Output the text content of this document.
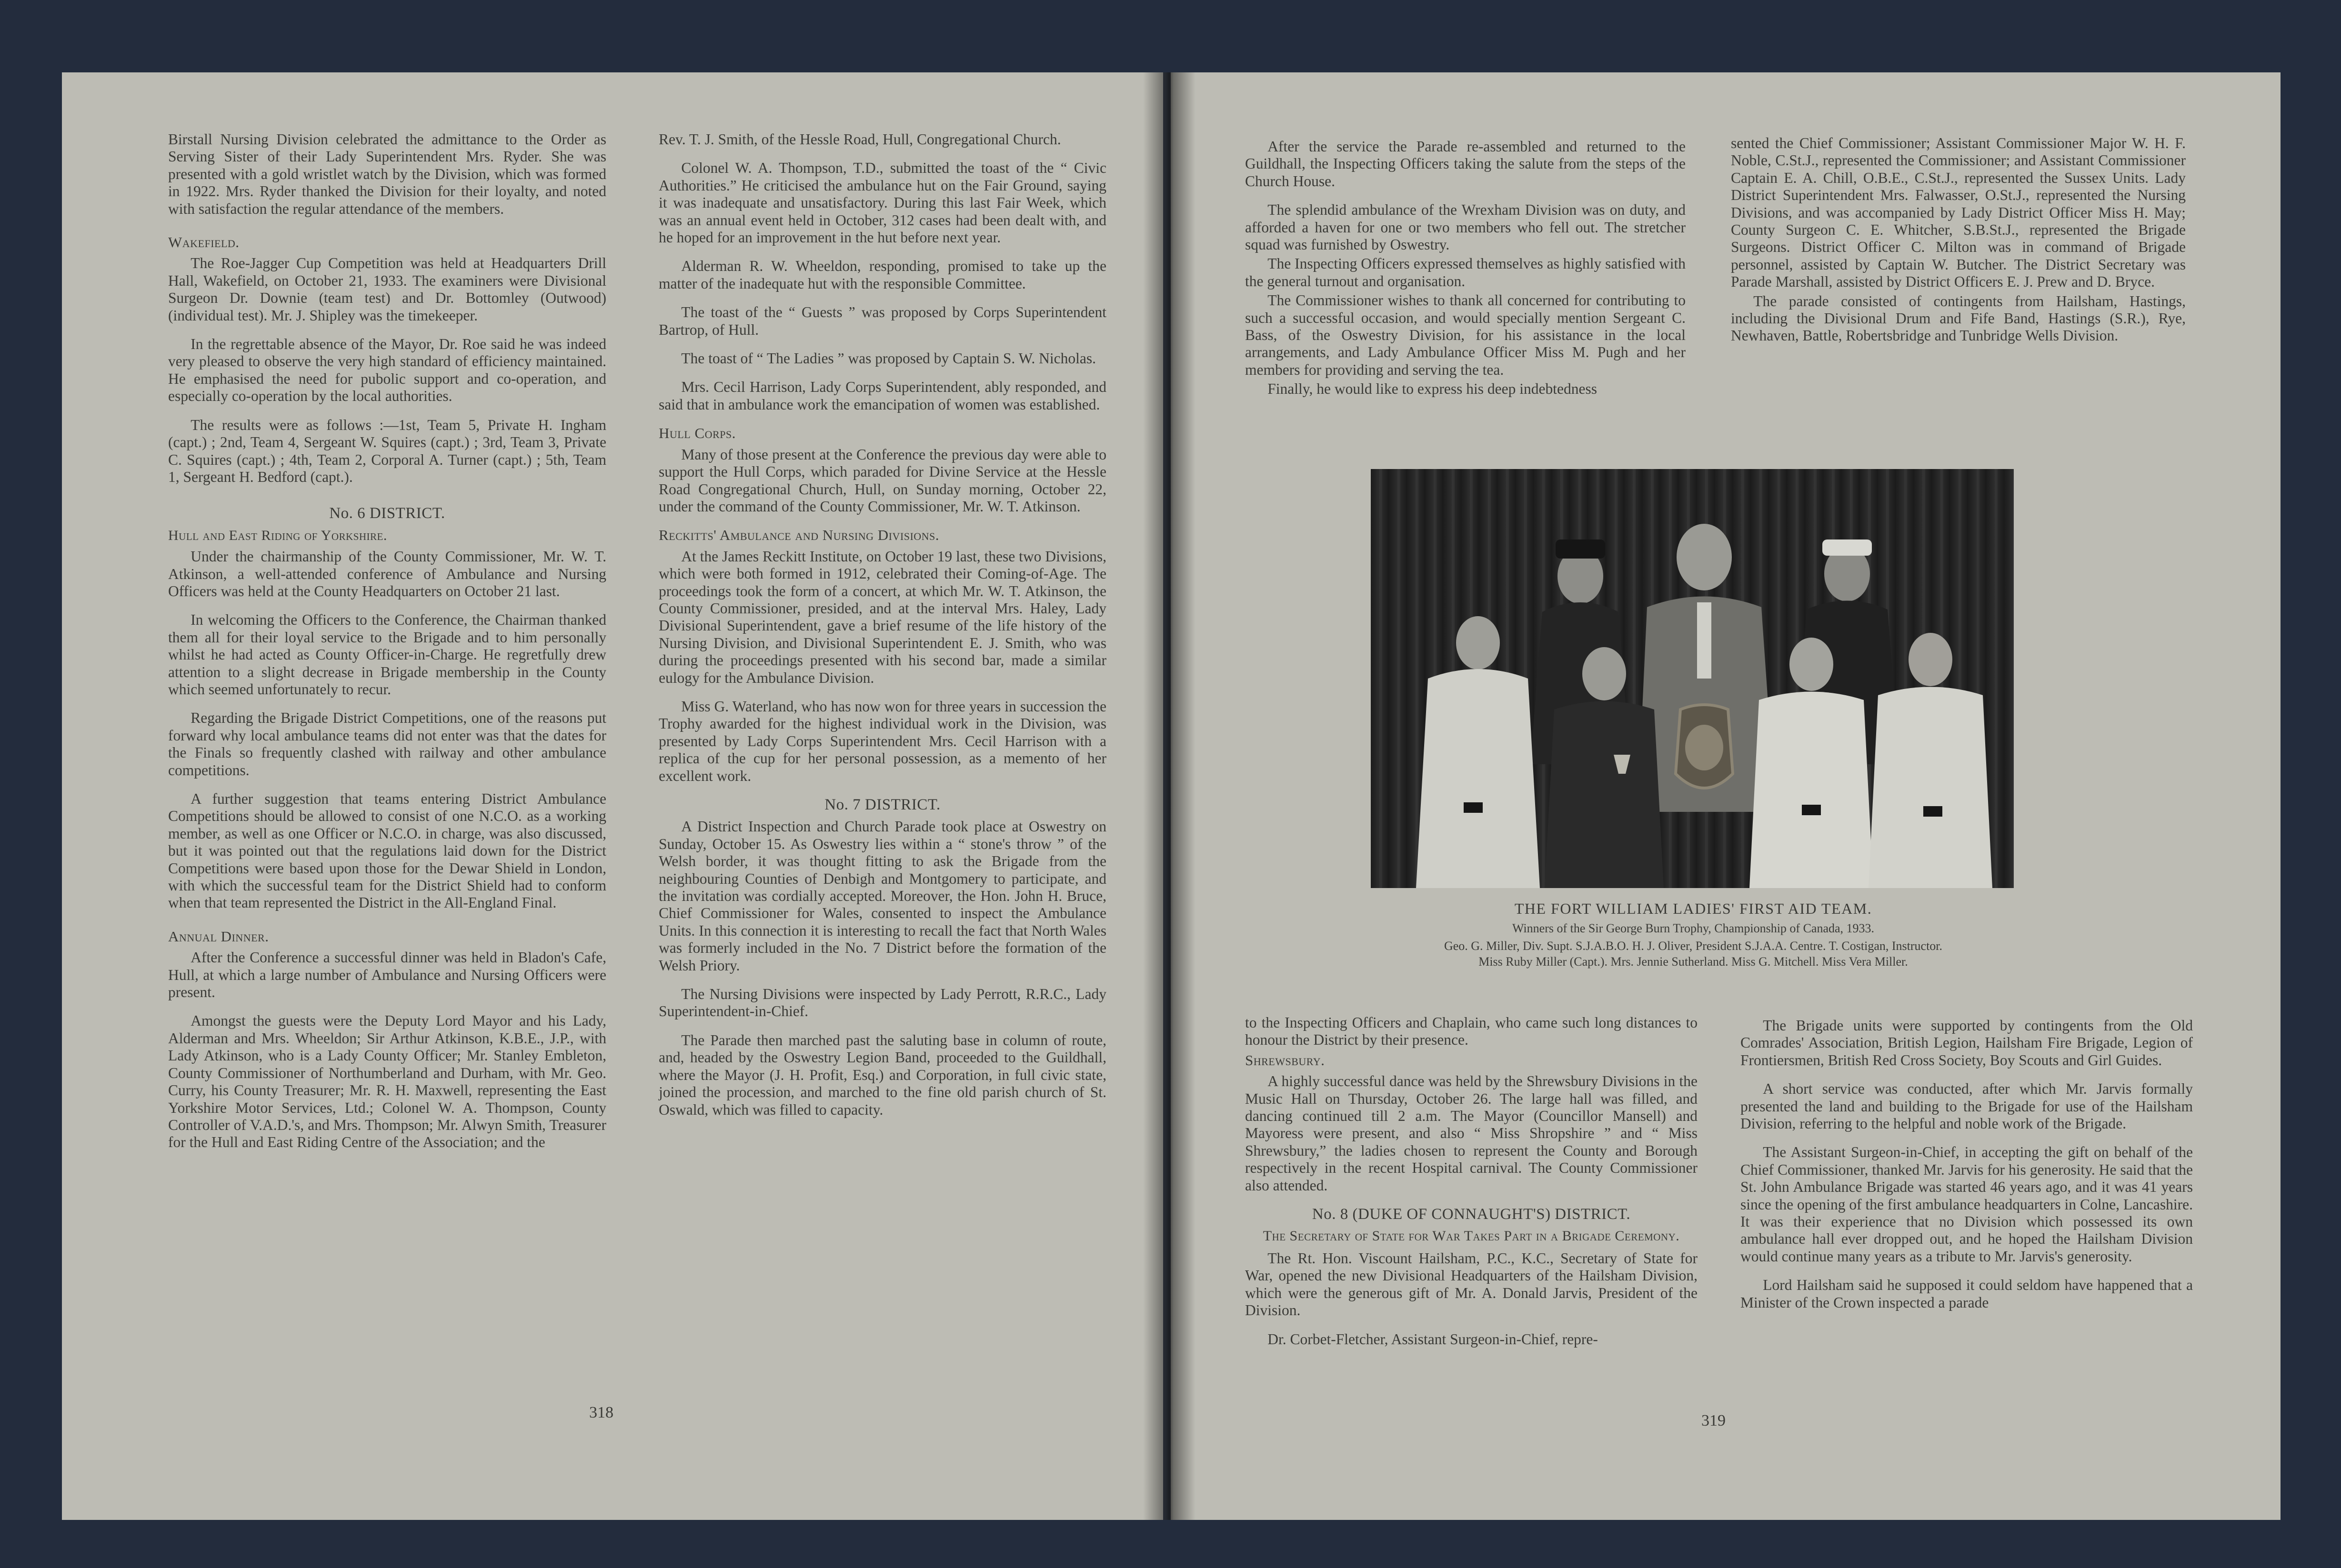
Birstall Nursing Division celebrated the admittance to the Order as Serving Sister of their Lady Superintendent Mrs. Ryder. She was presented with a gold wristlet watch by the Division, which was formed in 1922. Mrs. Ryder thanked the Division for their loyalty, and noted with satisfaction the regular attendance of the members.

Wakefield.

The Roe-Jagger Cup Competition was held at Headquarters Drill Hall, Wakefield, on October 21, 1933. The examiners were Divisional Surgeon Dr. Downie (team test) and Dr. Bottomley (Outwood) (individual test). Mr. J. Shipley was the timekeeper.

In the regrettable absence of the Mayor, Dr. Roe said he was indeed very pleased to observe the very high standard of efficiency maintained. He emphasised the need for pubolic support and co-operation, and especially co-operation by the local authorities.

The results were as follows :—1st, Team 5, Private H. Ingham (capt.) ; 2nd, Team 4, Sergeant W. Squires (capt.) ; 3rd, Team 3, Private C. Squires (capt.) ; 4th, Team 2, Corporal A. Turner (capt.) ; 5th, Team 1, Sergeant H. Bedford (capt.).

No. 6 DISTRICT.

Hull and East Riding of Yorkshire.

Under the chairmanship of the County Commissioner, Mr. W. T. Atkinson, a well-attended conference of Ambulance and Nursing Officers was held at the County Headquarters on October 21 last.

In welcoming the Officers to the Conference, the Chairman thanked them all for their loyal service to the Brigade and to him personally whilst he had acted as County Officer-in-Charge. He regretfully drew attention to a slight decrease in Brigade membership in the County which seemed unfortunately to recur.

Regarding the Brigade District Competitions, one of the reasons put forward why local ambulance teams did not enter was that the dates for the Finals so frequently clashed with railway and other ambulance competitions.

A further suggestion that teams entering District Ambulance Competitions should be allowed to consist of one N.C.O. as a working member, as well as one Officer or N.C.O. in charge, was also discussed, but it was pointed out that the regulations laid down for the District Competitions were based upon those for the Dewar Shield in London, with which the successful team for the District Shield had to conform when that team represented the District in the All-England Final.

Annual Dinner.

After the Conference a successful dinner was held in Bladon's Cafe, Hull, at which a large number of Ambulance and Nursing Officers were present.

Amongst the guests were the Deputy Lord Mayor and his Lady, Alderman and Mrs. Wheeldon; Sir Arthur Atkinson, K.B.E., J.P., with Lady Atkinson, who is a Lady County Officer; Mr. Stanley Embleton, County Commissioner of Northumberland and Durham, with Mr. Geo. Curry, his County Treasurer; Mr. R. H. Maxwell, representing the East Yorkshire Motor Services, Ltd.; Colonel W. A. Thompson, County Controller of V.A.D.'s, and Mrs. Thompson; Mr. Alwyn Smith, Treasurer for the Hull and East Riding Centre of the Association; and the

Rev. T. J. Smith, of the Hessle Road, Hull, Congregational Church.

Colonel W. A. Thompson, T.D., submitted the toast of the “ Civic Authorities.” He criticised the ambulance hut on the Fair Ground, saying it was inadequate and unsatisfactory. During this last Fair Week, which was an annual event held in October, 312 cases had been dealt with, and he hoped for an improvement in the hut before next year.

Alderman R. W. Wheeldon, responding, promised to take up the matter of the inadequate hut with the responsible Committee.

The toast of the “ Guests ” was proposed by Corps Superintendent Bartrop, of Hull.

The toast of “ The Ladies ” was proposed by Captain S. W. Nicholas.

Mrs. Cecil Harrison, Lady Corps Superintendent, ably responded, and said that in ambulance work the emancipation of women was established.

Hull Corps.

Many of those present at the Conference the previous day were able to support the Hull Corps, which paraded for Divine Service at the Hessle Road Congregational Church, Hull, on Sunday morning, October 22, under the command of the County Commissioner, Mr. W. T. Atkinson.

Reckitts' Ambulance and Nursing Divisions.

At the James Reckitt Institute, on October 19 last, these two Divisions, which were both formed in 1912, celebrated their Coming-of-Age. The proceedings took the form of a concert, at which Mr. W. T. Atkinson, the County Commissioner, presided, and at the interval Mrs. Haley, Lady Divisional Superintendent, gave a brief resume of the life history of the Nursing Division, and Divisional Superintendent E. J. Smith, who was during the proceedings presented with his second bar, made a similar eulogy for the Ambulance Division.

Miss G. Waterland, who has now won for three years in succession the Trophy awarded for the highest individual work in the Division, was presented by Lady Corps Superintendent Mrs. Cecil Harrison with a replica of the cup for her personal possession, as a memento of her excellent work.

No. 7 DISTRICT.

A District Inspection and Church Parade took place at Oswestry on Sunday, October 15. As Oswestry lies within a “ stone's throw ” of the Welsh border, it was thought fitting to ask the Brigade from the neighbouring Counties of Denbigh and Montgomery to participate, and the invitation was cordially accepted. Moreover, the Hon. John H. Bruce, Chief Commissioner for Wales, consented to inspect the Ambulance Units. In this connection it is interesting to recall the fact that North Wales was formerly included in the No. 7 District before the formation of the Welsh Priory.

The Nursing Divisions were inspected by Lady Perrott, R.R.C., Lady Superintendent-in-Chief.

The Parade then marched past the saluting base in column of route, and, headed by the Oswestry Legion Band, proceeded to the Guildhall, where the Mayor (J. H. Profit, Esq.) and Corporation, in full civic state, joined the procession, and marched to the fine old parish church of St. Oswald, which was filled to capacity.

318

After the service the Parade re-assembled and returned to the Guildhall, the Inspecting Officers taking the salute from the steps of the Church House.

The splendid ambulance of the Wrexham Division was on duty, and afforded a haven for one or two members who fell out. The stretcher squad was furnished by Oswestry.

The Inspecting Officers expressed themselves as highly satisfied with the general turnout and organisation.

The Commissioner wishes to thank all concerned for contributing to such a successful occasion, and would specially mention Sergeant C. Bass, of the Oswestry Division, for his assistance in the local arrangements, and Lady Ambulance Officer Miss M. Pugh and her members for providing and serving the tea.

Finally, he would like to express his deep indebtedness

sented the Chief Commissioner; Assistant Commissioner Major W. H. F. Noble, C.St.J., represented the Commissioner; and Assistant Commissioner Captain E. A. Chill, O.B.E., C.St.J., represented the Sussex Units. Lady District Superintendent Mrs. Falwasser, O.St.J., represented the Nursing Divisions, and was accompanied by Lady District Officer Miss H. May; County Surgeon C. E. Whitcher, S.B.St.J., represented the Brigade Surgeons. District Officer C. Milton was in command of Brigade personnel, assisted by Captain W. Butcher. The District Secretary was Parade Marshall, assisted by District Officers E. J. Prew and D. Bryce.

The parade consisted of contingents from Hailsham, Hastings, including the Divisional Drum and Fife Band, Hastings (S.R.), Rye, Newhaven, Battle, Robertsbridge and Tunbridge Wells Division.

THE FORT WILLIAM LADIES' FIRST AID TEAM.

Winners of the Sir George Burn Trophy, Championship of Canada, 1933.

Geo. G. Miller, Div. Supt. S.J.A.B.O. H. J. Oliver, President S.J.A.A. Centre. T. Costigan, Instructor.

Miss Ruby Miller (Capt.). Mrs. Jennie Sutherland. Miss G. Mitchell. Miss Vera Miller.

to the Inspecting Officers and Chaplain, who came such long distances to honour the District by their presence.

Shrewsbury.

A highly successful dance was held by the Shrewsbury Divisions in the Music Hall on Thursday, October 26. The large hall was filled, and dancing continued till 2 a.m. The Mayor (Councillor Mansell) and Mayoress were present, and also “ Miss Shropshire ” and “ Miss Shrewsbury,” the ladies chosen to represent the County and Borough respectively in the recent Hospital carnival. The County Commissioner also attended.

No. 8 (DUKE OF CONNAUGHT'S) DISTRICT.

The Secretary of State for War Takes Part in a Brigade Ceremony.

The Rt. Hon. Viscount Hailsham, P.C., K.C., Secretary of State for War, opened the new Divisional Headquarters of the Hailsham Division, which were the generous gift of Mr. A. Donald Jarvis, President of the Division.

Dr. Corbet-Fletcher, Assistant Surgeon-in-Chief, repre-

The Brigade units were supported by contingents from the Old Comrades' Association, British Legion, Hailsham Fire Brigade, Legion of Frontiersmen, British Red Cross Society, Boy Scouts and Girl Guides.

A short service was conducted, after which Mr. Jarvis formally presented the land and building to the Brigade for use of the Hailsham Division, referring to the helpful and noble work of the Brigade.

The Assistant Surgeon-in-Chief, in accepting the gift on behalf of the Chief Commissioner, thanked Mr. Jarvis for his generosity. He said that the St. John Ambulance Brigade was started 46 years ago, and it was 41 years since the opening of the first ambulance headquarters in Colne, Lancashire. It was their experience that no Division which possessed its own ambulance hall ever dropped out, and he hoped the Hailsham Division would continue many years as a tribute to Mr. Jarvis's generosity.

Lord Hailsham said he supposed it could seldom have happened that a Minister of the Crown inspected a parade

319
